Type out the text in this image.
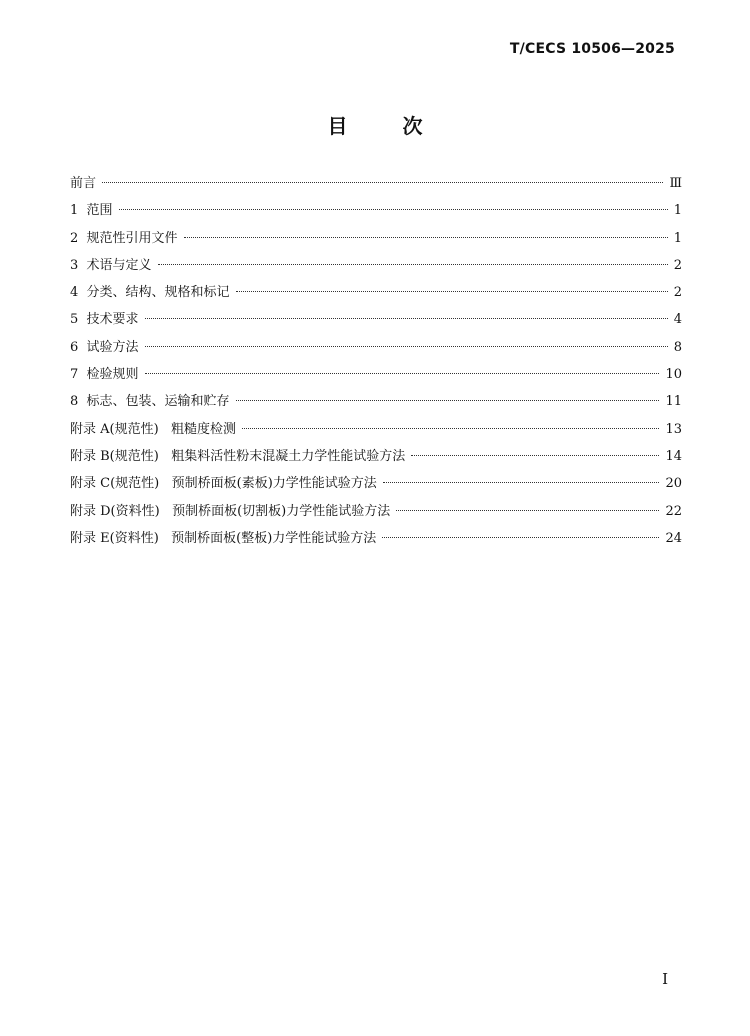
T/CECS 10506—2025
目 次
前言	Ⅲ
1  范围	1
2  规范性引用文件	1
3  术语与定义	2
4  分类、结构、规格和标记	2
5  技术要求	4
6  试验方法	8
7  检验规则	10
8  标志、包装、运输和贮存	11
附录 A(规范性)   粗糙度检测	13
附录 B(规范性)   粗集料活性粉末混凝土力学性能试验方法	14
附录 C(规范性)   预制桥面板(素板)力学性能试验方法	20
附录 D(资料性)   预制桥面板(切割板)力学性能试验方法	22
附录 E(资料性)   预制桥面板(整板)力学性能试验方法	24
I
